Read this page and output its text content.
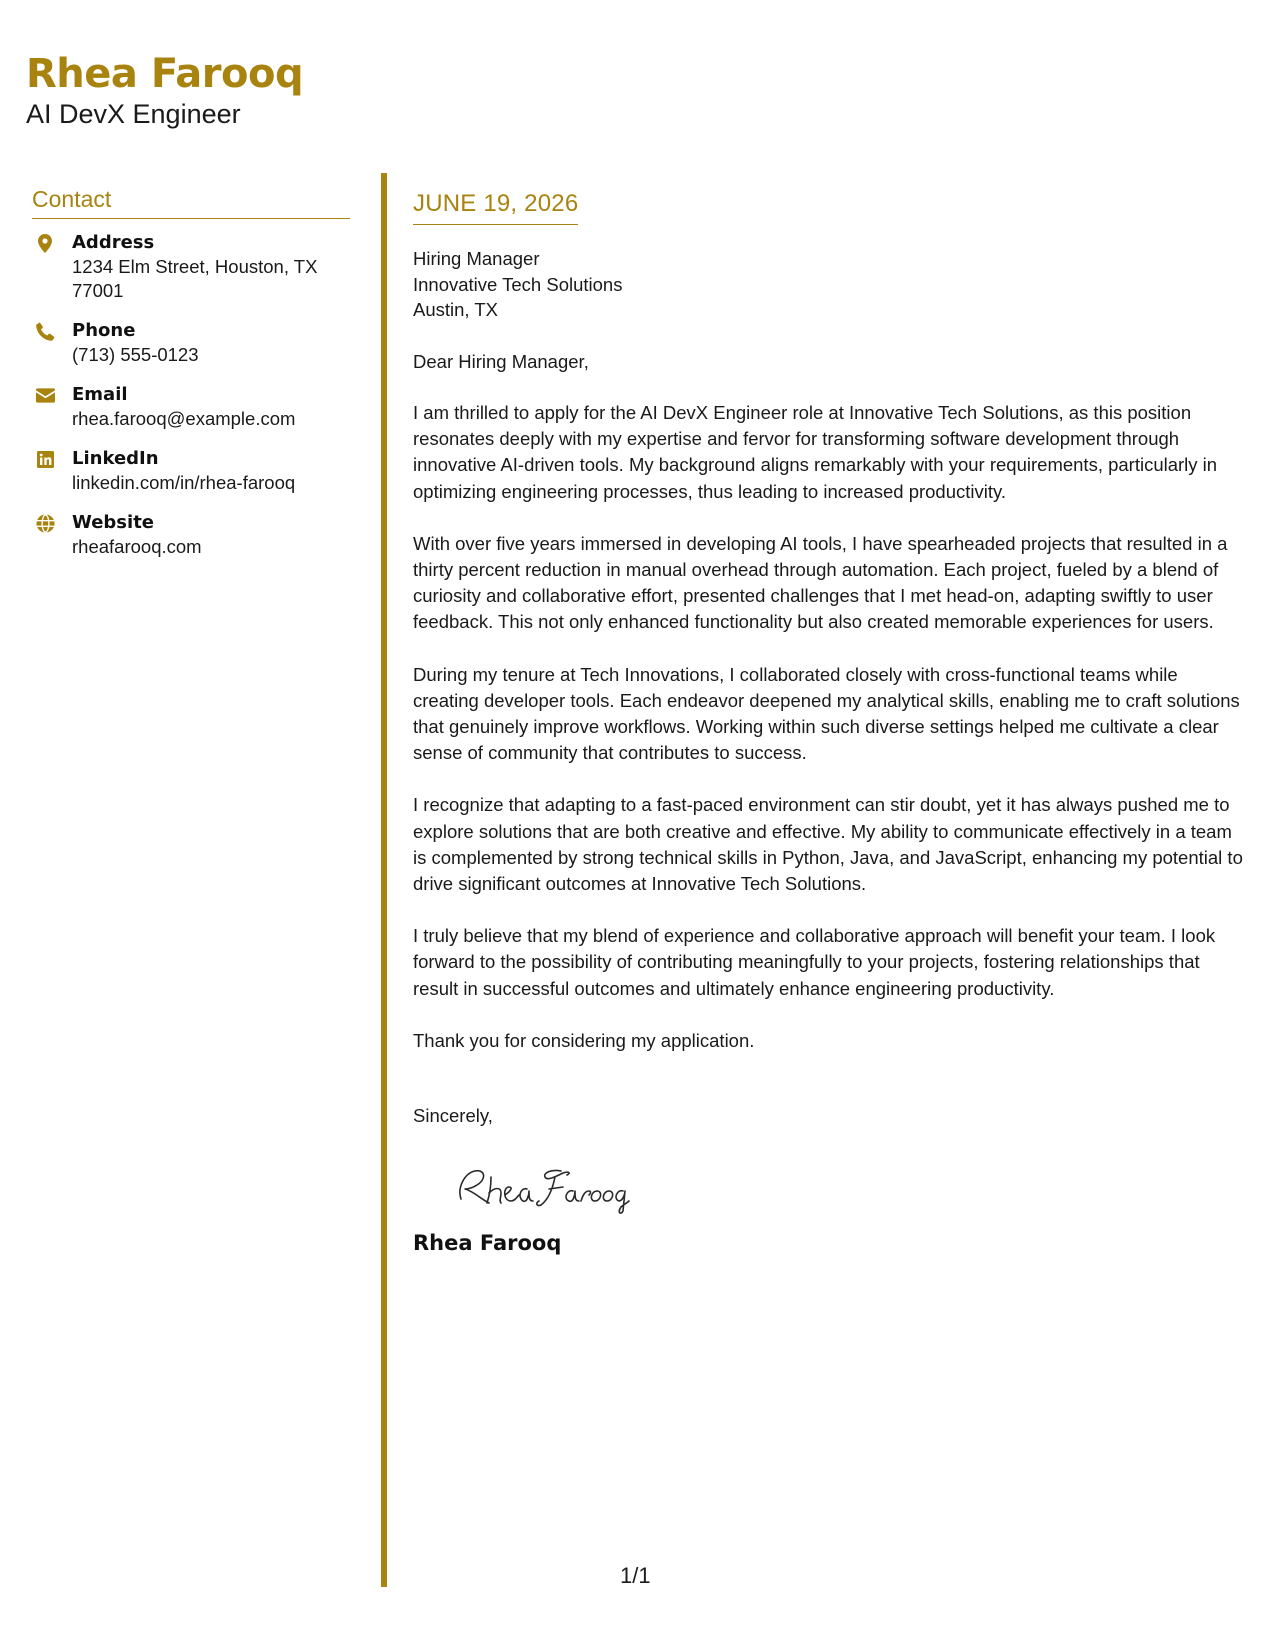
Rhea Farooq
AI DevX Engineer
Contact
Address
1234 Elm Street, Houston, TX 77001
Phone
(713) 555-0123
Email
rhea.farooq@example.com
LinkedIn
linkedin.com/in/rhea-farooq
Website
rheafarooq.com
JUNE 19, 2026
Hiring Manager
Innovative Tech Solutions
Austin, TX
Dear Hiring Manager,
I am thrilled to apply for the AI DevX Engineer role at Innovative Tech Solutions, as this position resonates deeply with my expertise and fervor for transforming software development through innovative AI-driven tools. My background aligns remarkably with your requirements, particularly in optimizing engineering processes, thus leading to increased productivity.
With over five years immersed in developing AI tools, I have spearheaded projects that resulted in a thirty percent reduction in manual overhead through automation. Each project, fueled by a blend of curiosity and collaborative effort, presented challenges that I met head-on, adapting swiftly to user feedback. This not only enhanced functionality but also created memorable experiences for users.
During my tenure at Tech Innovations, I collaborated closely with cross-functional teams while creating developer tools. Each endeavor deepened my analytical skills, enabling me to craft solutions that genuinely improve workflows. Working within such diverse settings helped me cultivate a clear sense of community that contributes to success.
I recognize that adapting to a fast-paced environment can stir doubt, yet it has always pushed me to explore solutions that are both creative and effective. My ability to communicate effectively in a team is complemented by strong technical skills in Python, Java, and JavaScript, enhancing my potential to drive significant outcomes at Innovative Tech Solutions.
I truly believe that my blend of experience and collaborative approach will benefit your team. I look forward to the possibility of contributing meaningfully to your projects, fostering relationships that result in successful outcomes and ultimately enhance engineering productivity.
Thank you for considering my application.
Sincerely,
Rhea Farooq
1/1
